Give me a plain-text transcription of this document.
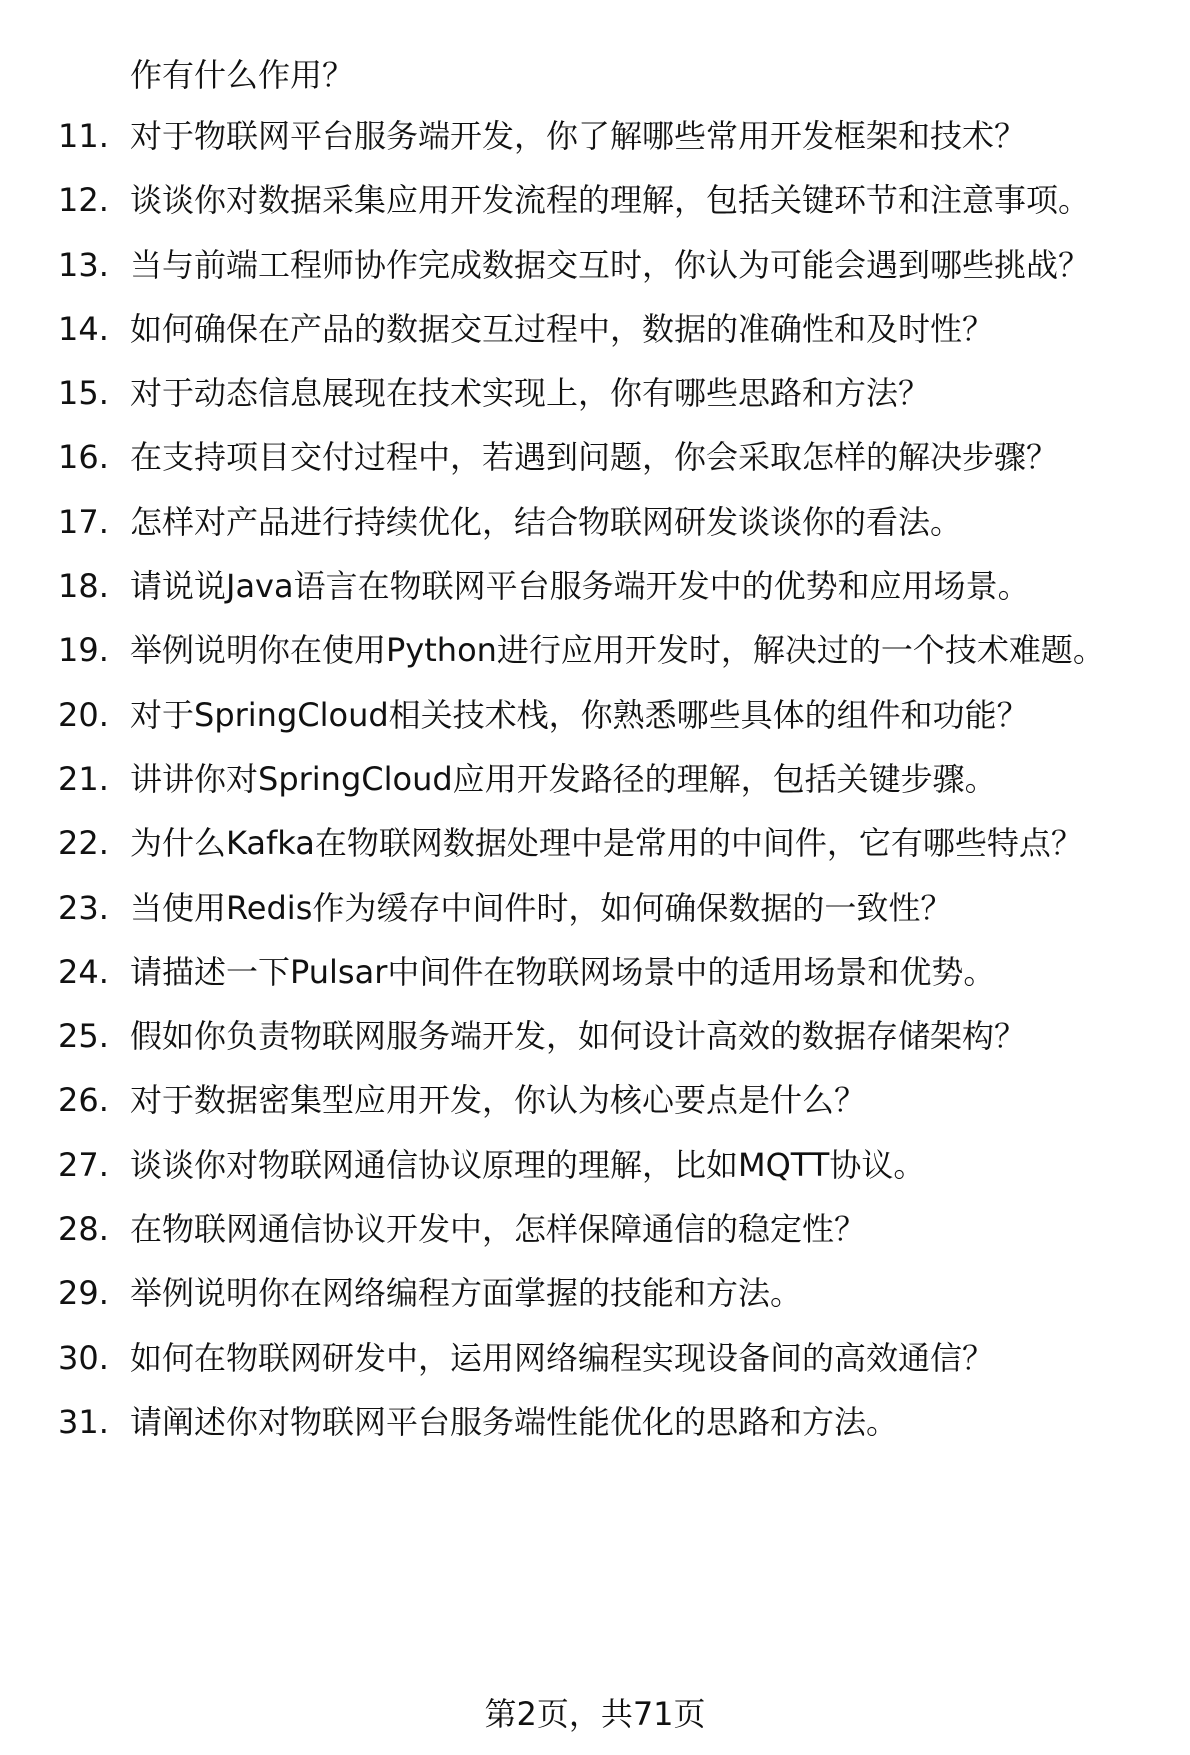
作有什么作用？
11. 对于物联网平台服务端开发，你了解哪些常用开发框架和技术？
12. 谈谈你对数据采集应用开发流程的理解，包括关键环节和注意事项。
13. 当与前端工程师协作完成数据交互时，你认为可能会遇到哪些挑战？
14. 如何确保在产品的数据交互过程中，数据的准确性和及时性？
15. 对于动态信息展现在技术实现上，你有哪些思路和方法？
16. 在支持项目交付过程中，若遇到问题，你会采取怎样的解决步骤？
17. 怎样对产品进行持续优化，结合物联网研发谈谈你的看法。
18. 请说说Java语言在物联网平台服务端开发中的优势和应用场景。
19. 举例说明你在使用Python进行应用开发时，解决过的一个技术难题。
20. 对于SpringCloud相关技术栈，你熟悉哪些具体的组件和功能？
21. 讲讲你对SpringCloud应用开发路径的理解，包括关键步骤。
22. 为什么Kafka在物联网数据处理中是常用的中间件，它有哪些特点？
23. 当使用Redis作为缓存中间件时，如何确保数据的一致性？
24. 请描述一下Pulsar中间件在物联网场景中的适用场景和优势。
25. 假如你负责物联网服务端开发，如何设计高效的数据存储架构？
26. 对于数据密集型应用开发，你认为核心要点是什么？
27. 谈谈你对物联网通信协议原理的理解，比如MQTT协议。
28. 在物联网通信协议开发中，怎样保障通信的稳定性？
29. 举例说明你在网络编程方面掌握的技能和方法。
30. 如何在物联网研发中，运用网络编程实现设备间的高效通信？
31. 请阐述你对物联网平台服务端性能优化的思路和方法。
第2页，共71页
